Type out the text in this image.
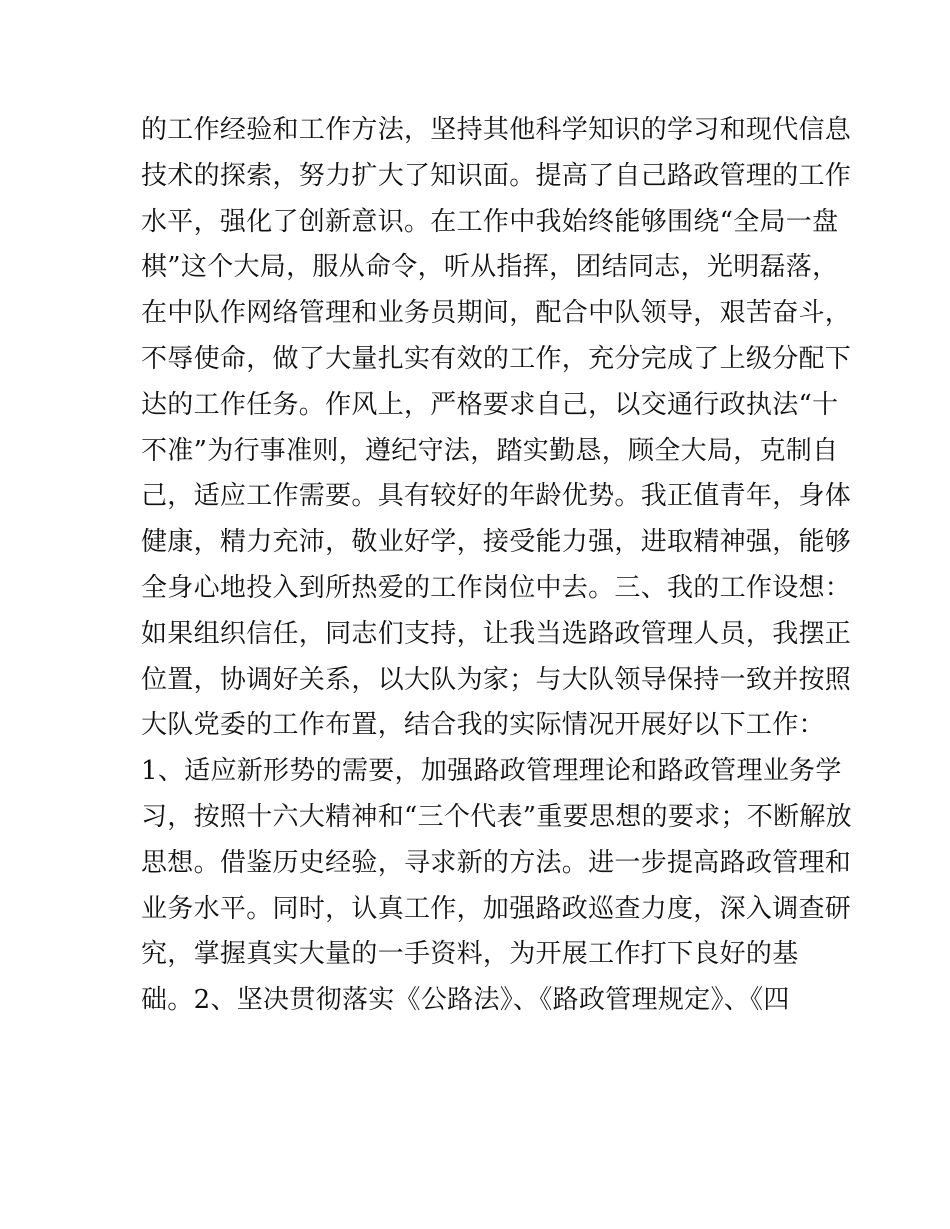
的工作经验和工作方法，坚持其他科学知识的学习和现代信息
技术的探索，努力扩大了知识面。提高了自己路政管理的工作
水平，强化了创新意识。在工作中我始终能够围绕“全局一盘
棋”这个大局，服从命令，听从指挥，团结同志，光明磊落，
在中队作网络管理和业务员期间，配合中队领导，艰苦奋斗，
不辱使命，做了大量扎实有效的工作，充分完成了上级分配下
达的工作任务。作风上，严格要求自己，以交通行政执法“十
不准”为行事准则，遵纪守法，踏实勤恳，顾全大局，克制自
己，适应工作需要。具有较好的年龄优势。我正值青年，身体
健康，精力充沛，敬业好学，接受能力强，进取精神强，能够
全身心地投入到所热爱的工作岗位中去。三、我的工作设想：
如果组织信任，同志们支持，让我当选路政管理人员，我摆正
位置，协调好关系，以大队为家；与大队领导保持一致并按照
大队党委的工作布置，结合我的实际情况开展好以下工作：
1、适应新形势的需要，加强路政管理理论和路政管理业务学
习，按照十六大精神和“三个代表”重要思想的要求；不断解放
思想。借鉴历史经验，寻求新的方法。进一步提高路政管理和
业务水平。同时，认真工作，加强路政巡查力度，深入调查研
究，掌握真实大量的一手资料，为开展工作打下良好的基
础。2、坚决贯彻落实《公路法》、《路政管理规定》、《四
